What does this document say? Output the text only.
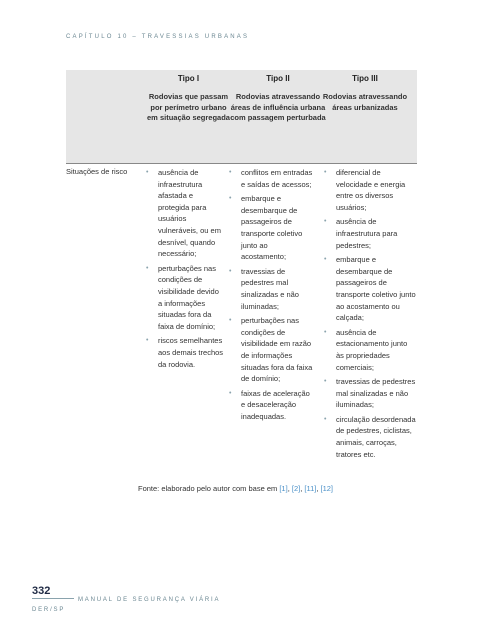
CAPÍTULO 10 – TRAVESSIAS URBANAS
Tipo I
Rodovias que passam por perímetro urbano em situação segregada
Tipo II
Rodovias atravessando áreas de influência urbana com passagem perturbada
Tipo III
Rodovias atravessando áreas urbanizadas
Situações de risco	• ausência de infraestrutura afastada e protegida para usuários vulneráveis, ou em desnível, quando necessário;
• perturbações nas condições de visibilidade devido a informações situadas fora da faixa de domínio;
• riscos semelhantes aos demais trechos da rodovia.
• conflitos em entradas e saídas de acessos;
• embarque e desembarque de passageiros de transporte coletivo junto ao acostamento;
• travessias de pedestres mal sinalizadas e não iluminadas;
• perturbações nas condições de visibilidade em razão de informações situadas fora da faixa de domínio;
• faixas de aceleração e desaceleração inadequadas.
• diferencial de velocidade e energia entre os diversos usuários;
• ausência de infraestrutura para pedestres;
• embarque e desembarque de passageiros de transporte coletivo junto ao acostamento ou calçada;
• ausência de estacionamento junto às propriedades comerciais;
• travessias de pedestres mal sinalizadas e não iluminadas;
• circulação desordenada de pedestres, ciclistas, animais, carroças, tratores etc.
Fonte: elaborado pelo autor com base em [1], [2], [11], [12]
332
MANUAL DE SEGURANÇA VIÁRIA
DER/SP
